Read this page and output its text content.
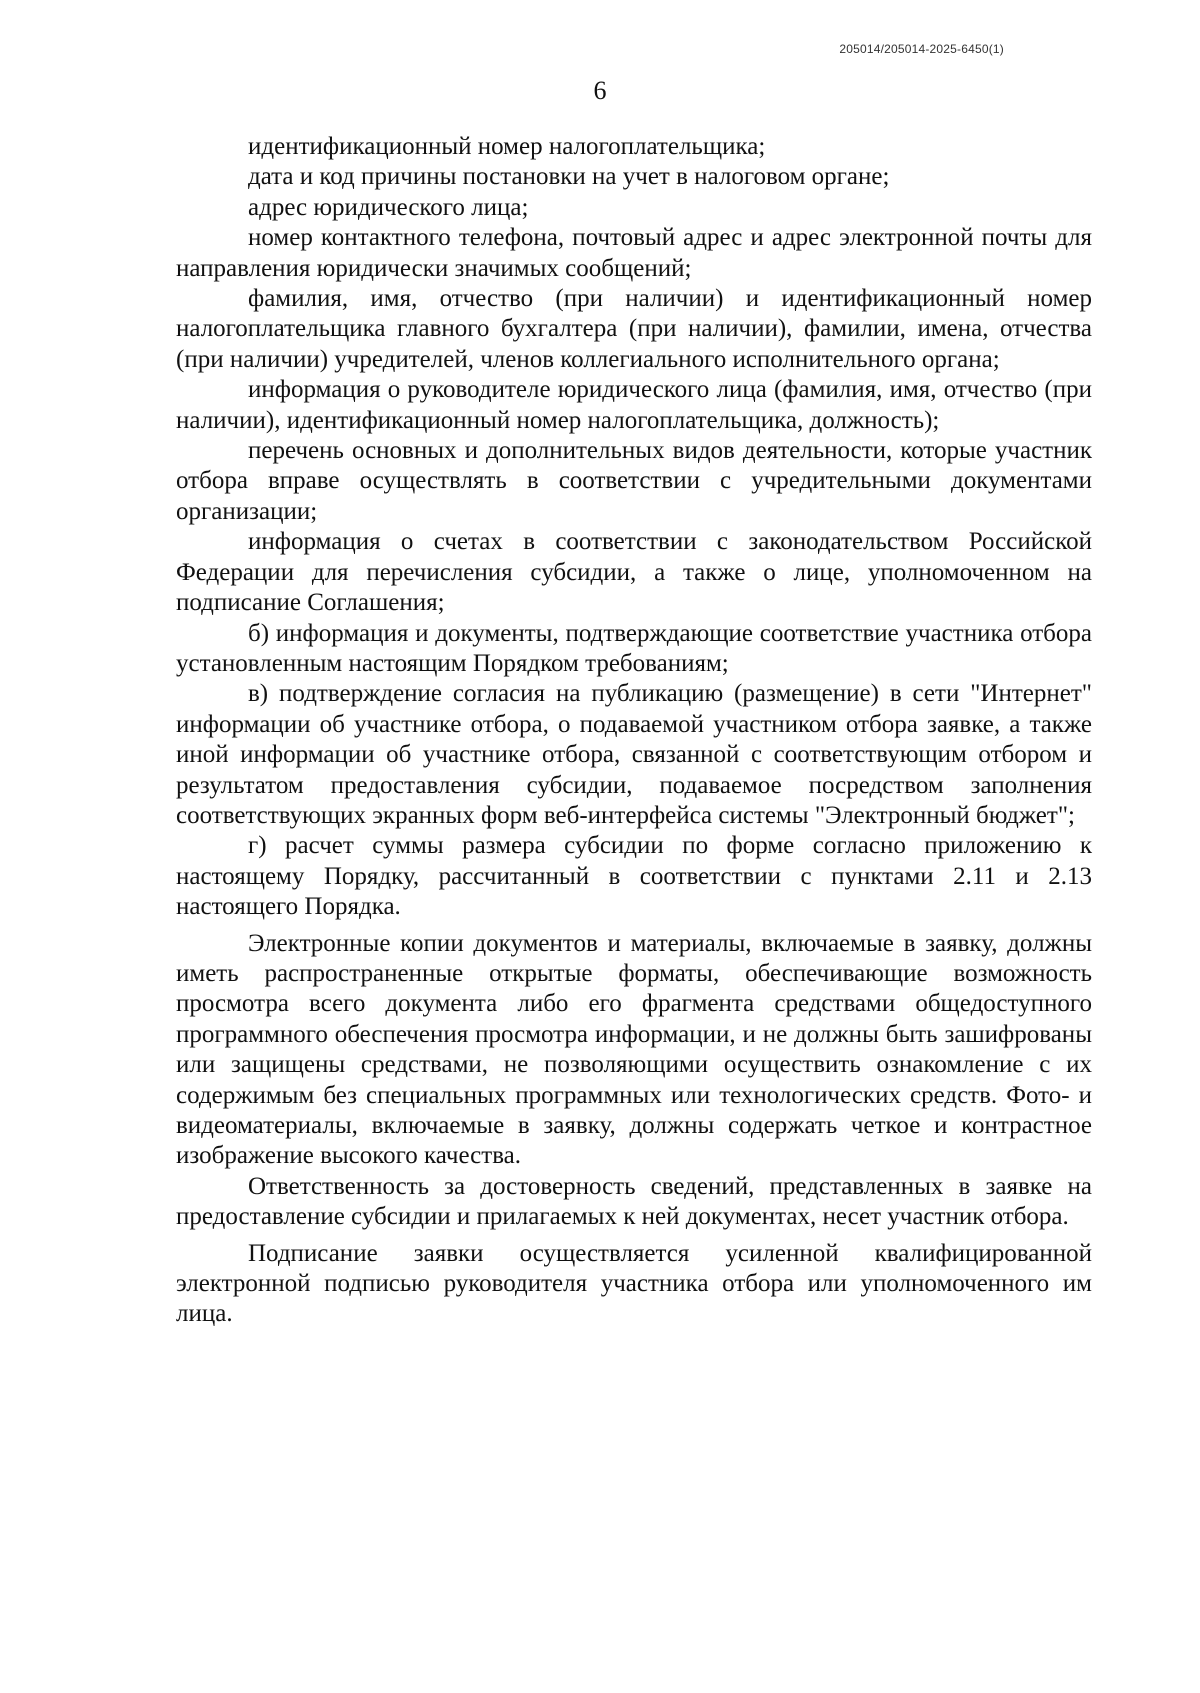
205014/205014-2025-6450(1)
6

идентификационный номер налогоплательщика;

дата и код причины постановки на учет в налоговом органе;

адрес юридического лица;

номер контактного телефона, почтовый адрес и адрес электронной почты для направления юридически значимых сообщений;

фамилия, имя, отчество (при наличии) и идентификационный номер налогоплательщика главного бухгалтера (при наличии), фамилии, имена, отчества (при наличии) учредителей, членов коллегиального исполнительного органа;

информация о руководителе юридического лица (фамилия, имя, отчество (при наличии), идентификационный номер налогоплательщика, должность);

перечень основных и дополнительных видов деятельности, которые участник отбора вправе осуществлять в соответствии с учредительными документами организации;

информация о счетах в соответствии с законодательством Российской Федерации для перечисления субсидии, а также о лице, уполномоченном на подписание Соглашения;

б) информация и документы, подтверждающие соответствие участника отбора установленным настоящим Порядком требованиям;

в) подтверждение согласия на публикацию (размещение) в сети "Интернет" информации об участнике отбора, о подаваемой участником отбора заявке, а также иной информации об участнике отбора, связанной с соответствующим отбором и результатом предоставления субсидии, подаваемое посредством заполнения соответствующих экранных форм веб-интерфейса системы "Электронный бюджет";

г) расчет суммы размера субсидии по форме согласно приложению к настоящему Порядку, рассчитанный в соответствии с пунктами 2.11 и 2.13 настоящего Порядка.

Электронные копии документов и материалы, включаемые в заявку, должны иметь распространенные открытые форматы, обеспечивающие возможность просмотра всего документа либо его фрагмента средствами общедоступного программного обеспечения просмотра информации, и не должны быть зашифрованы или защищены средствами, не позволяющими осуществить ознакомление с их содержимым без специальных программных или технологических средств. Фото- и видеоматериалы, включаемые в заявку, должны содержать четкое и контрастное изображение высокого качества.

Ответственность за достоверность сведений, представленных в заявке на предоставление субсидии и прилагаемых к ней документах, несет участник отбора.

Подписание заявки осуществляется усиленной квалифицированной электронной подписью руководителя участника отбора или уполномоченного им лица.
